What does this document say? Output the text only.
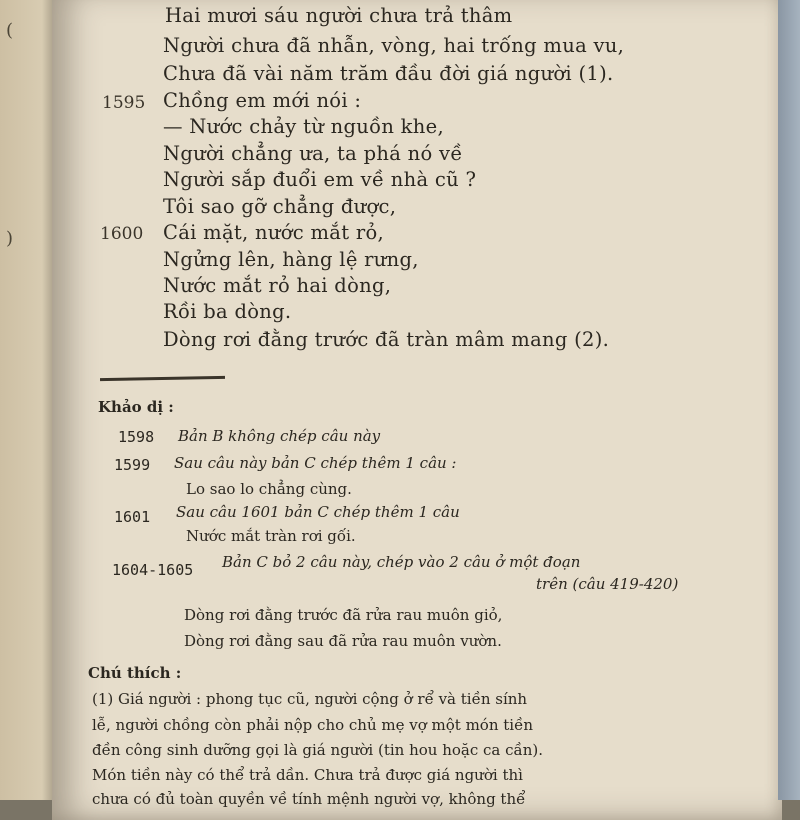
(
)
Hai mươi sáu người chưa trả thâm
Người chưa đã nhẫn, vòng, hai trống mua vu,
Chưa đã vài năm trăm đầu đời giá người (1).
1595 Chồng em mới nói :
— Nước chảy từ nguồn khe,
Người chẳng ưa, ta phá nó về
Người sắp đuổi em về nhà cũ ?
Tôi sao gỡ chẳng được,
1600 Cái mặt, nước mắt rỏ,
Ngửng lên, hàng lệ rưng,
Nước mắt rỏ hai dòng,
Rồi ba dòng.
Dòng rơi đằng trước đã tràn mâm mang (2).
Khảo dị :
1598 Bản B không chép câu này
1599 Sau câu này bản C chép thêm 1 câu :
Lo sao lo chẳng cùng.
1601 Sau câu 1601 bản C chép thêm 1 câu
Nước mắt tràn rơi gối.
1604-1605 Bản C bỏ 2 câu này, chép vào 2 câu ở một đoạn
trên (câu 419-420)
Dòng rơi đằng trước đã rửa rau muôn giỏ,
Dòng rơi đằng sau đã rửa rau muôn vườn.
Chú thích :
(1) Giá người : phong tục cũ, người cộng ở rể và tiền sính
lễ, người chồng còn phải nộp cho chủ mẹ vợ một món tiền
đền công sinh dưỡng gọi là giá người (tin hou hoặc ca cần).
Món tiền này có thể trả dần. Chưa trả được giá người thì
chưa có đủ toàn quyền về tính mệnh người vợ, không thể
